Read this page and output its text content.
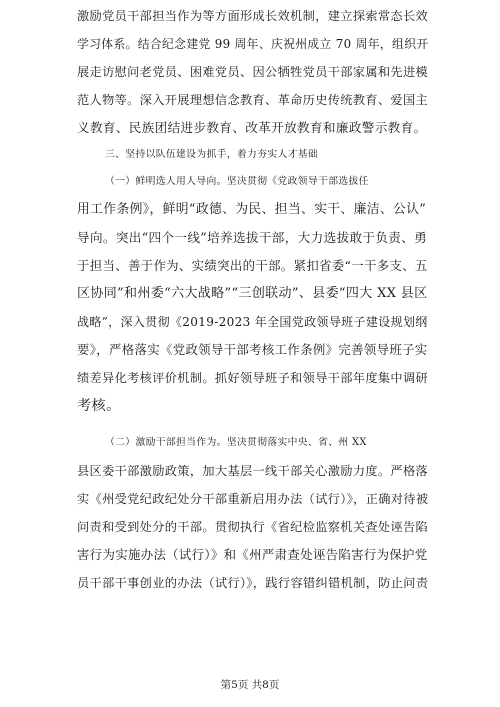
激励党员干部担当作为等方面形成长效机制，建立探索常态长效
学习体系。结合纪念建党 99 周年、庆祝州成立 70 周年，组织开
展走访慰问老党员、困难党员、因公牺牲党员干部家属和先进模
范人物等。深入开展理想信念教育、革命历史传统教育、爱国主
义教育、民族团结进步教育、改革开放教育和廉政警示教育。
三、坚持以队伍建设为抓手，着力夯实人才基础
（一）鲜明选人用人导向。坚决贯彻《党政领导干部选拔任
用工作条例》，鲜明“政德、为民、担当、实干、廉洁、公认”
导向。突出“四个一线”培养选拔干部，大力选拔敢于负责、勇
于担当、善于作为、实绩突出的干部。紧扣省委“一干多支、五
区协同”和州委“六大战略”“三创联动”、县委“四大 XX 县区
战略”，深入贯彻《2019-2023 年全国党政领导班子建设规划纲
要》，严格落实《党政领导干部考核工作条例》完善领导班子实
绩差异化考核评价机制。抓好领导班子和领导干部年度集中调研
考核。
（二）激励干部担当作为。坚决贯彻落实中央、省、州 XX
县区委干部激励政策，加大基层一线干部关心激励力度。严格落
实《州受党纪政纪处分干部重新启用办法（试行）》，正确对待被
问责和受到处分的干部。贯彻执行《省纪检监察机关查处诬告陷
害行为实施办法（试行）》和《州严肃查处诬告陷害行为保护党
员干部干事创业的办法（试行）》，践行容错纠错机制，防止问责
第5页 共8页
